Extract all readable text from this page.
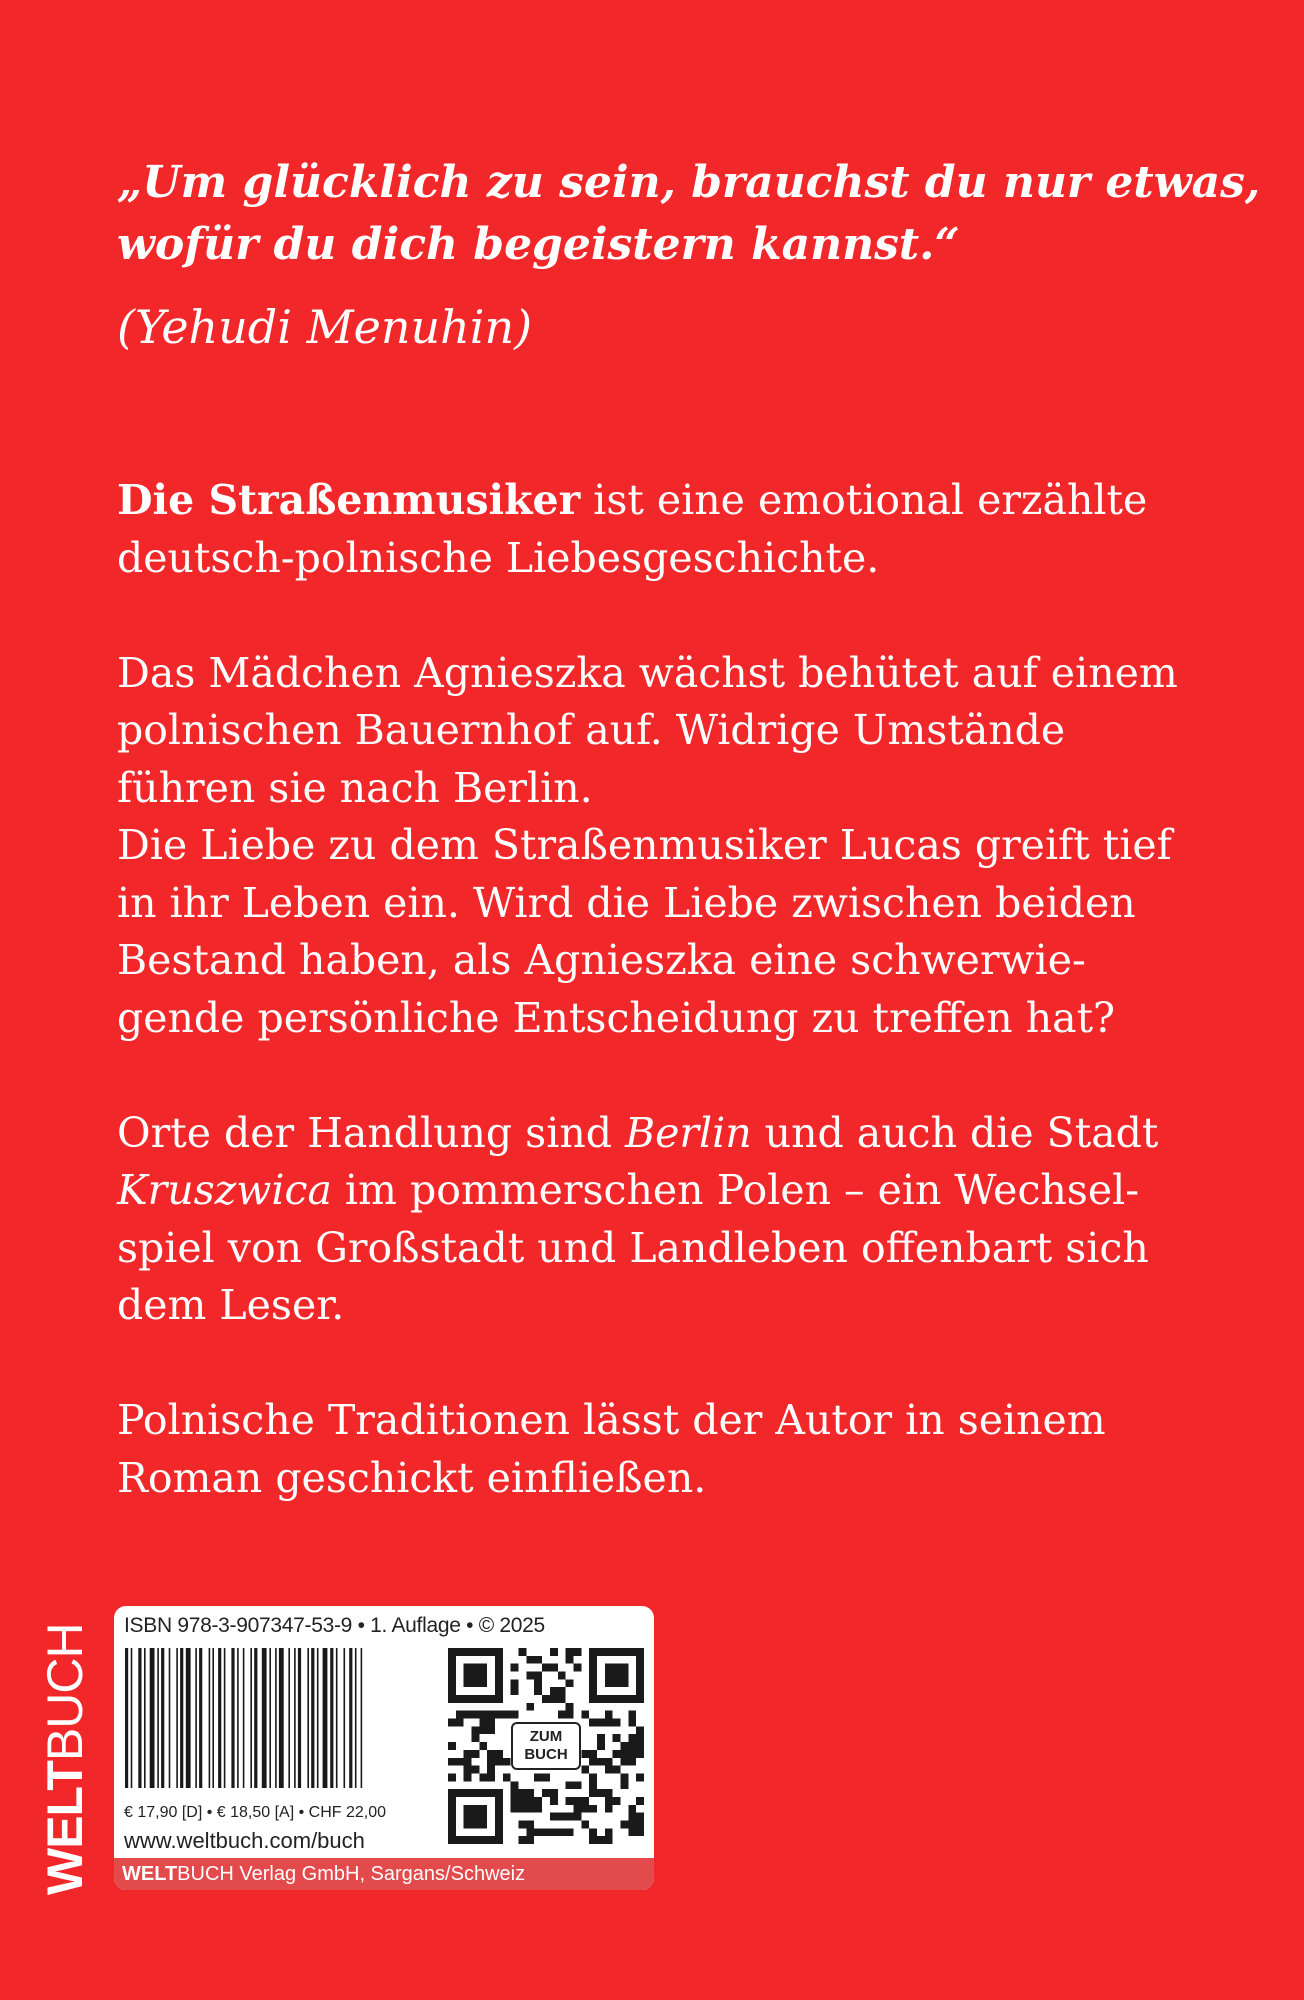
„Um glücklich zu sein, brauchst du nur etwas,
wofür du dich begeistern kannst.“
(Yehudi Menuhin)
Die Straßenmusiker ist eine emotional erzählte
deutsch-polnische Liebesgeschichte.
Das Mädchen Agnieszka wächst behütet auf einem
polnischen Bauernhof auf. Widrige Umstände
führen sie nach Berlin.
Die Liebe zu dem Straßenmusiker Lucas greift tief
in ihr Leben ein. Wird die Liebe zwischen beiden
Bestand haben, als Agnieszka eine schwerwie-
gende persönliche Entscheidung zu treffen hat?
Orte der Handlung sind Berlin und auch die Stadt
Kruszwica im pommerschen Polen – ein Wechsel-
spiel von Großstadt und Landleben offenbart sich
dem Leser.
Polnische Traditionen lässt der Autor in seinem
Roman geschickt einfließen.
WELTBUCH ISBN 978-3-907347-53-9 • 1. Auflage • © 2025
€ 17,90 [D] • € 18,50 [A] • CHF 22,00
www.weltbuch.com/buch
ZUM
BUCH
WELTBUCH Verlag GmbH, Sargans/Schweiz
